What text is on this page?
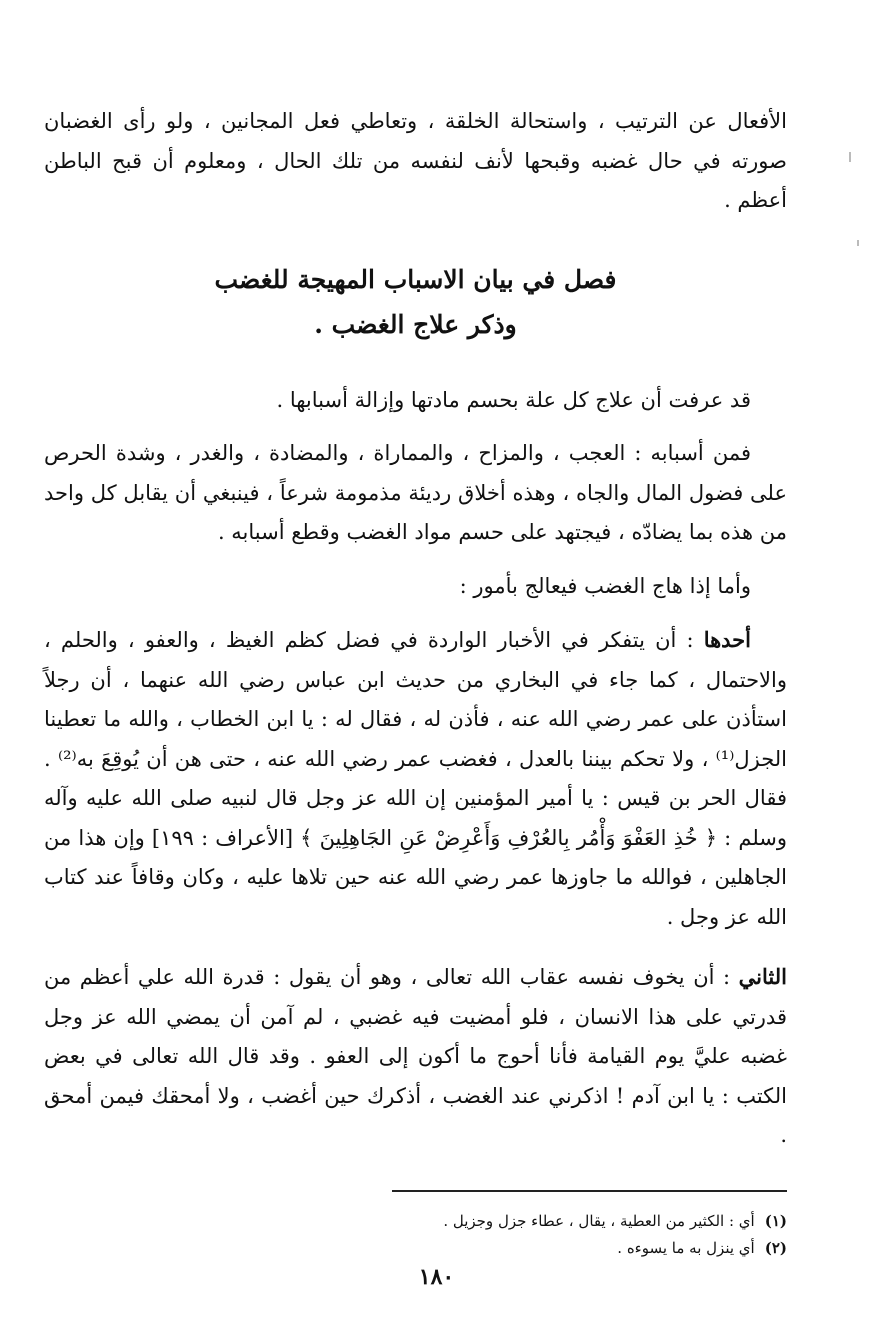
الأفعال عن الترتيب ، واستحالة الخلقة ، وتعاطي فعل المجانين ، ولو رأى الغضبان صورته في حال غضبه وقبحها لأنف لنفسه من تلك الحال ، ومعلوم أن قبح الباطن أعظم .

فصل في بيان الاسباب المهيجة للغضب
وذكر علاج الغضب .

قد عرفت أن علاج كل علة بحسم مادتها وإزالة أسبابها .

فمن أسبابه : العجب ، والمزاح ، والمماراة ، والمضادة ، والغدر ، وشدة الحرص على فضول المال والجاه ، وهذه أخلاق رديئة مذمومة شرعاً ، فينبغي أن يقابل كل واحد من هذه بما يضادّه ، فيجتهد على حسم مواد الغضب وقطع أسبابه .

وأما إذا هاج الغضب فيعالج بأمور :

أحدها : أن يتفكر في الأخبار الواردة في فضل كظم الغيظ ، والعفو ، والحلم ، والاحتمال ، كما جاء في البخاري من حديث ابن عباس رضي الله عنهما ، أن رجلاً استأذن على عمر رضي الله عنه ، فأذن له ، فقال له : يا ابن الخطاب ، والله ما تعطينا الجزل⁽¹⁾ ، ولا تحكم بيننا بالعدل ، فغضب عمر رضي الله عنه ، حتى هن أن يُوقِعَ به⁽²⁾ . فقال الحر بن قيس : يا أمير المؤمنين إن الله عز وجل قال لنبيه صلى الله عليه وآله وسلم : ﴿ خُذِ العَفْوَ وَأْمُر بِالعُرْفِ وَأَعْرِضْ عَنِ الجَاهِلِينَ ﴾ [الأعراف : ١٩٩] وإن هذا من الجاهلين ، فوالله ما جاوزها عمر رضي الله عنه حين تلاها عليه ، وكان وقافاً عند كتاب الله عز وجل .

الثاني : أن يخوف نفسه عقاب الله تعالى ، وهو أن يقول : قدرة الله علي أعظم من قدرتي على هذا الانسان ، فلو أمضيت فيه غضبي ، لم آمن أن يمضي الله عز وجل غضبه عليَّ يوم القيامة فأنا أحوج ما أكون إلى العفو . وقد قال الله تعالى في بعض الكتب : يا ابن آدم ! اذكرني عند الغضب ، أذكرك حين أغضب ، ولا أمحقك فيمن أمحق .

(١)
أي : الكثير من العطية ، يقال ، عطاء جزل وجزيل .
(٢)
أي ينزل به ما يسوءه .
١٨٠
